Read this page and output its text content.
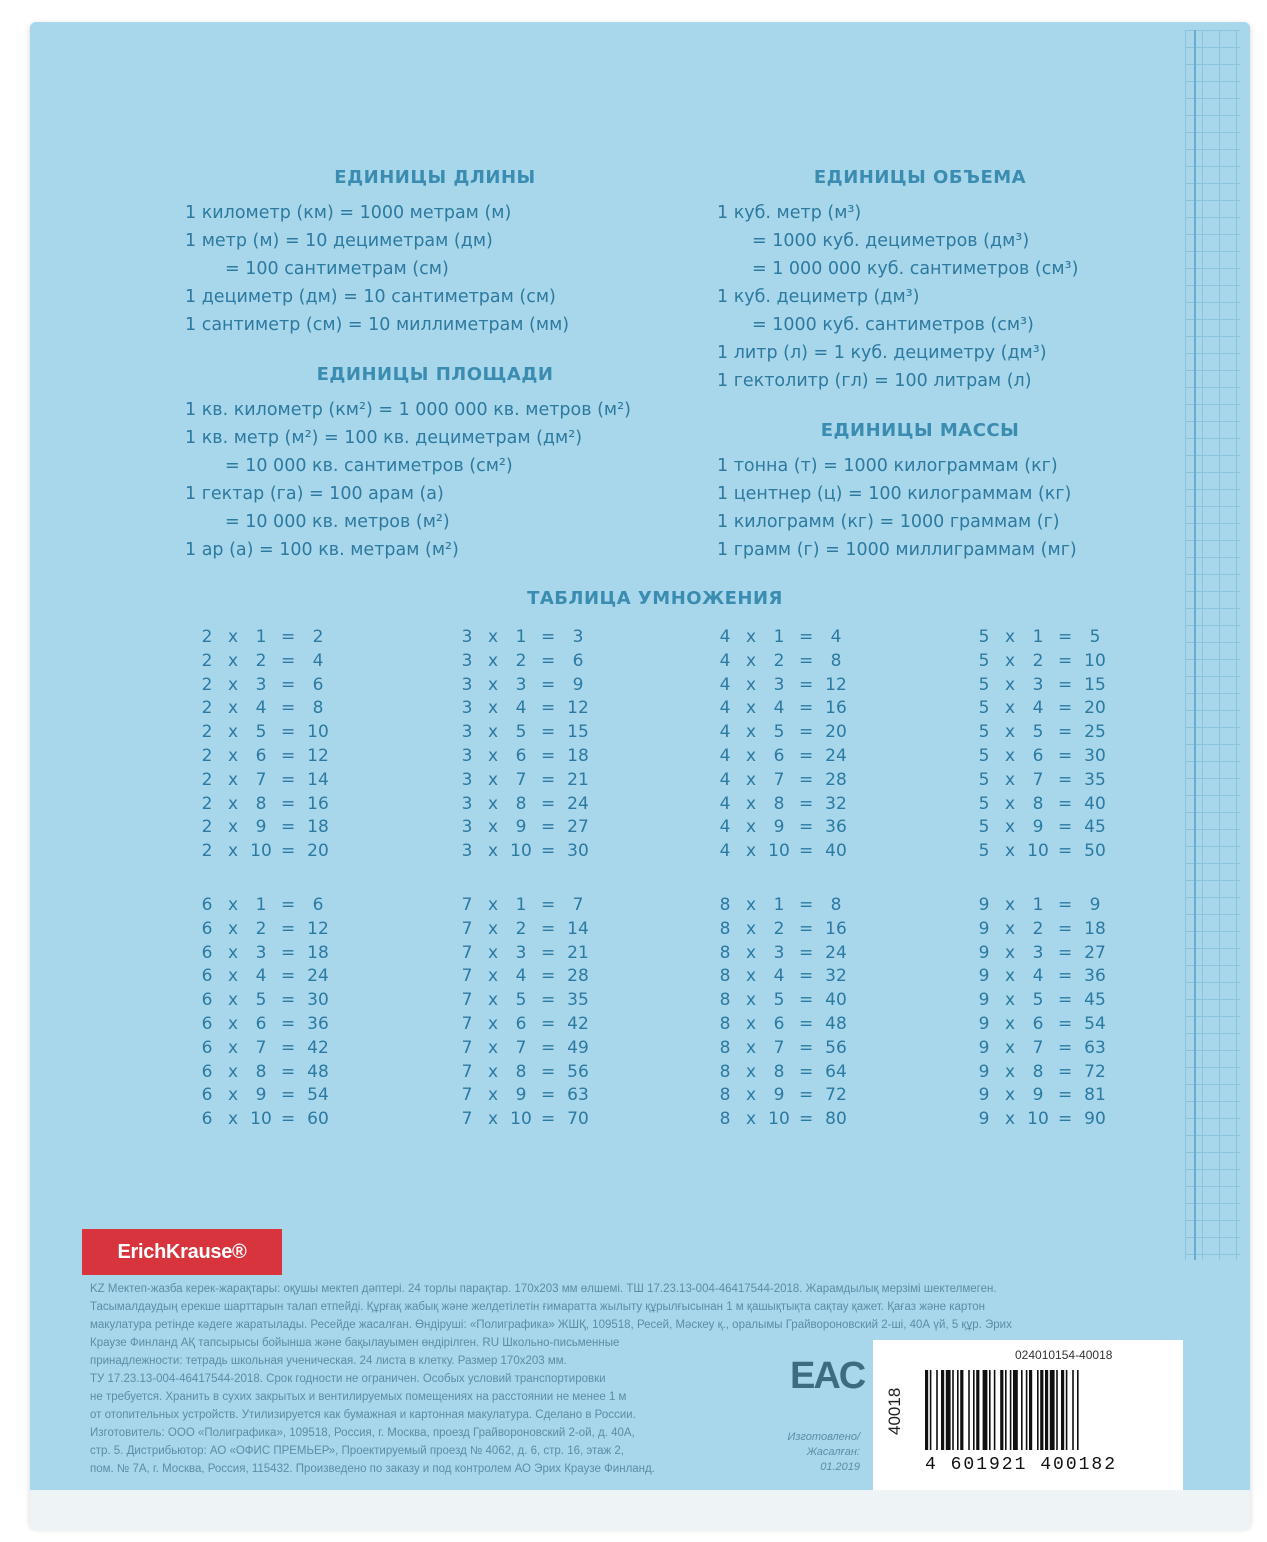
ЕДИНИЦЫ ДЛИНЫ
1 километр (км) = 1000 метрам (м)
1 метр (м) = 10 дециметрам (дм)
= 100 сантиметрам (см)
1 дециметр (дм) = 10 сантиметрам (см)
1 сантиметр (см) = 10 миллиметрам (мм)
ЕДИНИЦЫ ПЛОЩАДИ
1 кв. километр (км²) = 1 000 000 кв. метров (м²)
1 кв. метр (м²) = 100 кв. дециметрам (дм²)
= 10 000 кв. сантиметров (см²)
1 гектар (га) = 100 арам (а)
= 10 000 кв. метров (м²)
1 ар (а) = 100 кв. метрам (м²)
ЕДИНИЦЫ ОБЪЕМА
1 куб. метр (м³)
= 1000 куб. дециметров (дм³)
= 1 000 000 куб. сантиметров (см³)
1 куб. дециметр (дм³)
= 1000 куб. сантиметров (см³)
1 литр (л) = 1 куб. дециметру (дм³)
1 гектолитр (гл) = 100 литрам (л)
ЕДИНИЦЫ МАССЫ
1 тонна (т) = 1000 килограммам (кг)
1 центнер (ц) = 100 килограммам (кг)
1 килограмм (кг) = 1000 граммам (г)
1 грамм (г) = 1000 миллиграммам (мг)
ТАБЛИЦА УМНОЖЕНИЯ
2 x	1 =	2
2 x	2 =	4
2 x	3 =	6
2 x	4 =	8
2 x	5 = 10
2 x	6 = 12
2 x	7 = 14
2 x	8 = 16
2 x	9 = 18
2 x 10 = 20
3 x	1 =	3
3 x	2 =	6
3 x	3 =	9
3 x	4 = 12
3 x	5 = 15
3 x	6 = 18
3 x	7 = 21
3 x	8 = 24
3 x	9 = 27
3 x 10 = 30
4 x	1 =	4
4 x	2 =	8
4 x	3 = 12
4 x	4 = 16
4 x	5 = 20
4 x	6 = 24
4 x	7 = 28
4 x	8 = 32
4 x	9 = 36
4 x 10 = 40
5 x	1 =	5
5 x	2 = 10
5 x	3 = 15
5 x	4 = 20
5 x	5 = 25
5 x	6 = 30
5 x	7 = 35
5 x	8 = 40
5 x	9 = 45
5 x 10 = 50
6 x	1 =	6
6 x	2 = 12
6 x	3 = 18
6 x	4 = 24
6 x	5 = 30
6 x	6 = 36
6 x	7 = 42
6 x	8 = 48
6 x	9 = 54
6 x 10 = 60
7 x	1 =	7
7 x	2 = 14
7 x	3 = 21
7 x	4 = 28
7 x	5 = 35
7 x	6 = 42
7 x	7 = 49
7 x	8 = 56
7 x	9 = 63
7 x 10 = 70
8 x	1 =	8
8 x	2 = 16
8 x	3 = 24
8 x	4 = 32
8 x	5 = 40
8 x	6 = 48
8 x	7 = 56
8 x	8 = 64
8 x	9 = 72
8 x 10 = 80
9 x	1 =	9
9 x	2 = 18
9 x	3 = 27
9 x	4 = 36
9 x	5 = 45
9 x	6 = 54
9 x	7 = 63
9 x	8 = 72
9 x	9 = 81
9 x 10 = 90
ErichKrause®
KZ Мектеп-жазба керек-жарақтары: оқушы мектеп дәптері. 24 торлы парақтар. 170x203 мм өлшемі. ТШ 17.23.13-004-46417544-2018. Жарамдылық мерзімі шектелмеген.
Тасымалдаудың ерекше шарттарын талап етпейді. Құрғақ жабық және желдетілетін ғимаратта жылыту құрылғысынан 1 м қашықтықта сақтау қажет. Қағаз және картон
макулатура ретінде кәдеге жаратылады. Ресейде жасалған. Өндіруші: «Полиграфика» ЖШҚ, 109518, Ресей, Мәскеу қ., оралымы Грайвороновский 2-ші, 40А үй, 5 құр. Эрих
Краузе Финланд АҚ тапсырысы бойынша және бақылауымен өндірілген. RU Школьно-письменные
принадлежности: тетрадь школьная ученическая. 24 листа в клетку. Размер 170x203 мм.
ТУ 17.23.13-004-46417544-2018. Срок годности не ограничен. Особых условий транспортировки
не требуется. Хранить в сухих закрытых и вентилируемых помещениях на расстоянии не менее 1 м
от отопительных устройств. Утилизируется как бумажная и картонная макулатура. Сделано в России.
Изготовитель: ООО «Полиграфика», 109518, Россия, г. Москва, проезд Грайвороновский 2-ой, д. 40А,
стр. 5. Дистрибьютор: АО «ОФИС ПРЕМЬЕР», Проектируемый проезд № 4062, д. 6, стр. 16, этаж 2,
пом. № 7А, г. Москва, Россия, 115432. Произведено по заказу и под контролем АО Эрих Краузе Финланд.
EAC
Изготовлено/ Жасалған:
01.2019
024010154-40018
40018
4 601921 400182
